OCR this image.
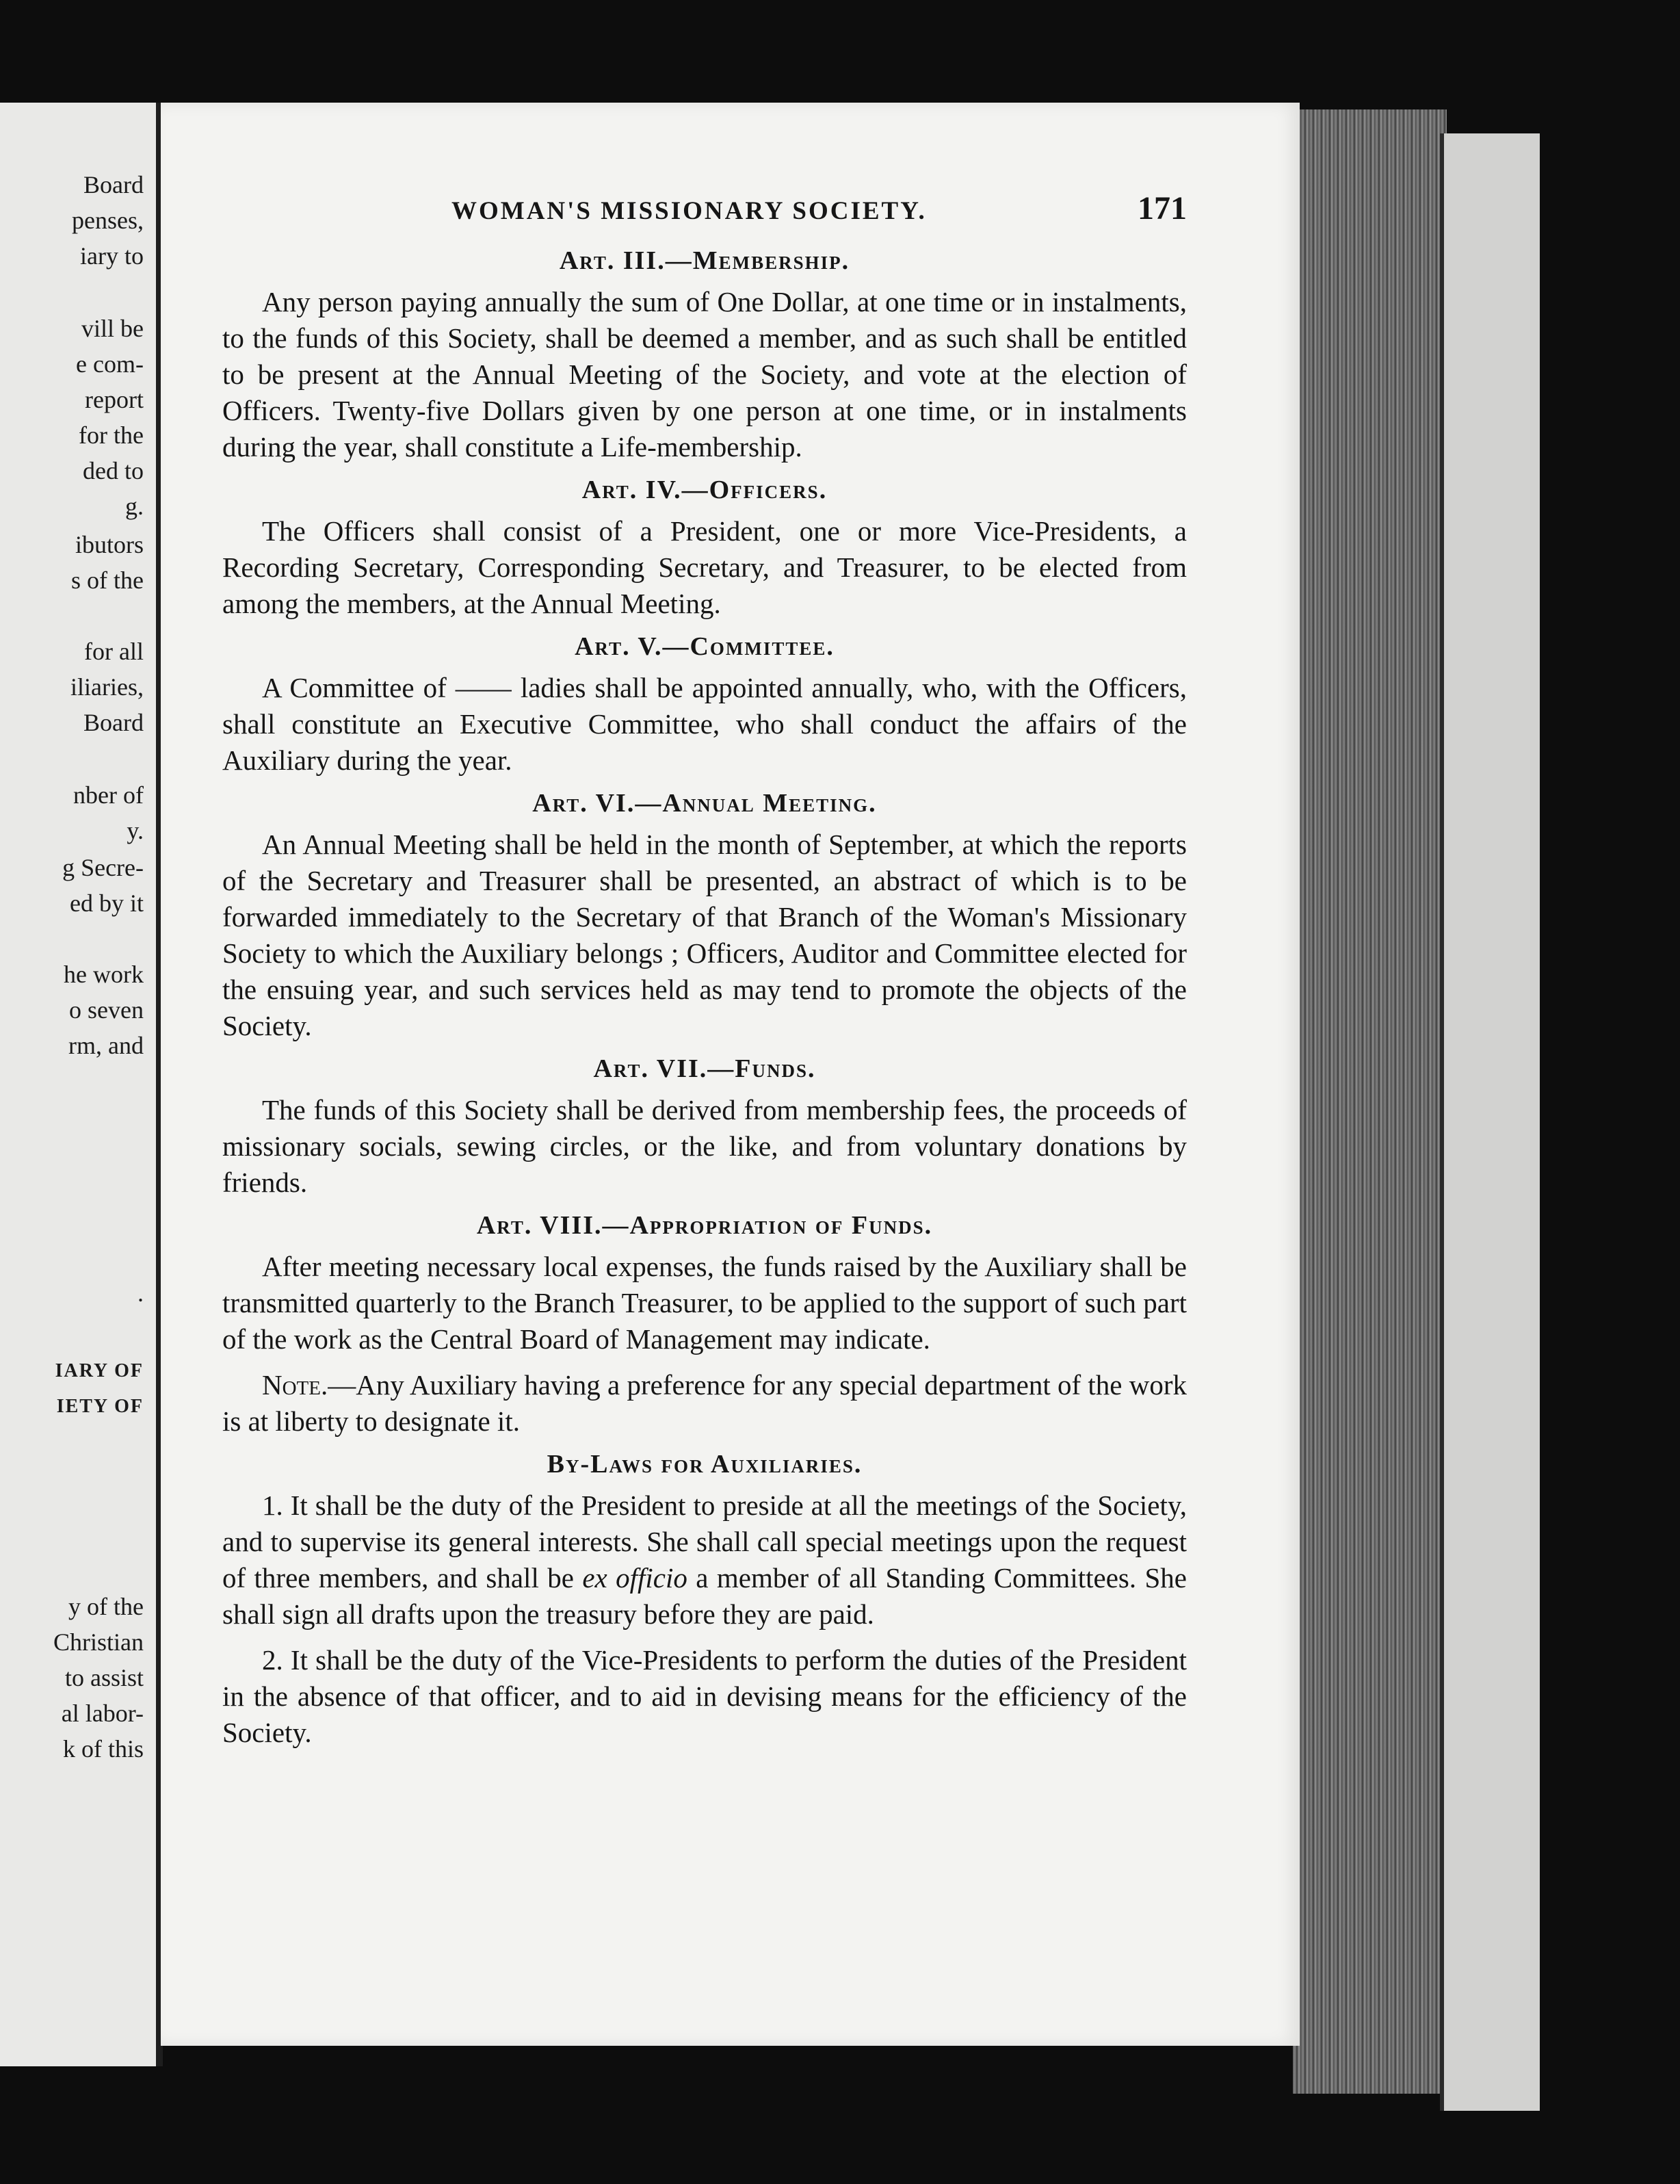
Board
penses,
iary to
vill be
e com-
report
for the
ded to
g.
ibutors
s of the
for all
iliaries,
Board
nber of
y.
g Secre-
ed by it
he work
o seven
rm, and
.
IARY OF
IETY OF
y of the
Christian
to assist
al labor-
k of this
WOMAN'S MISSIONARY SOCIETY.	171
Art. III.—Membership.

Any person paying annually the sum of One Dollar, at one time or in instalments, to the funds of this Society, shall be deemed a member, and as such shall be entitled to be present at the Annual Meeting of the Society, and vote at the election of Officers. Twenty-five Dollars given by one person at one time, or in instalments during the year, shall constitute a Life-membership.

Art. IV.—Officers.

The Officers shall consist of a President, one or more Vice-Presidents, a Recording Secretary, Corresponding Secretary, and Treasurer, to be elected from among the members, at the Annual Meeting.

Art. V.—Committee.

A Committee of —— ladies shall be appointed annually, who, with the Officers, shall constitute an Executive Committee, who shall conduct the affairs of the Auxiliary during the year.

Art. VI.—Annual Meeting.

An Annual Meeting shall be held in the month of September, at which the reports of the Secretary and Treasurer shall be presented, an abstract of which is to be forwarded immediately to the Secretary of that Branch of the Woman's Missionary Society to which the Auxiliary belongs ; Officers, Auditor and Committee elected for the ensuing year, and such services held as may tend to promote the objects of the Society.

Art. VII.—Funds.

The funds of this Society shall be derived from membership fees, the proceeds of missionary socials, sewing circles, or the like, and from voluntary donations by friends.

Art. VIII.—Appropriation of Funds.

After meeting necessary local expenses, the funds raised by the Auxiliary shall be transmitted quarterly to the Branch Treasurer, to be applied to the support of such part of the work as the Central Board of Management may indicate.

Note.—Any Auxiliary having a preference for any special department of the work is at liberty to designate it.

By-Laws for Auxiliaries.

1. It shall be the duty of the President to preside at all the meetings of the Society, and to supervise its general interests. She shall call special meetings upon the request of three members, and shall be ex officio a member of all Standing Committees. She shall sign all drafts upon the treasury before they are paid.

2. It shall be the duty of the Vice-Presidents to perform the duties of the President in the absence of that officer, and to aid in devising means for the efficiency of the Society.
